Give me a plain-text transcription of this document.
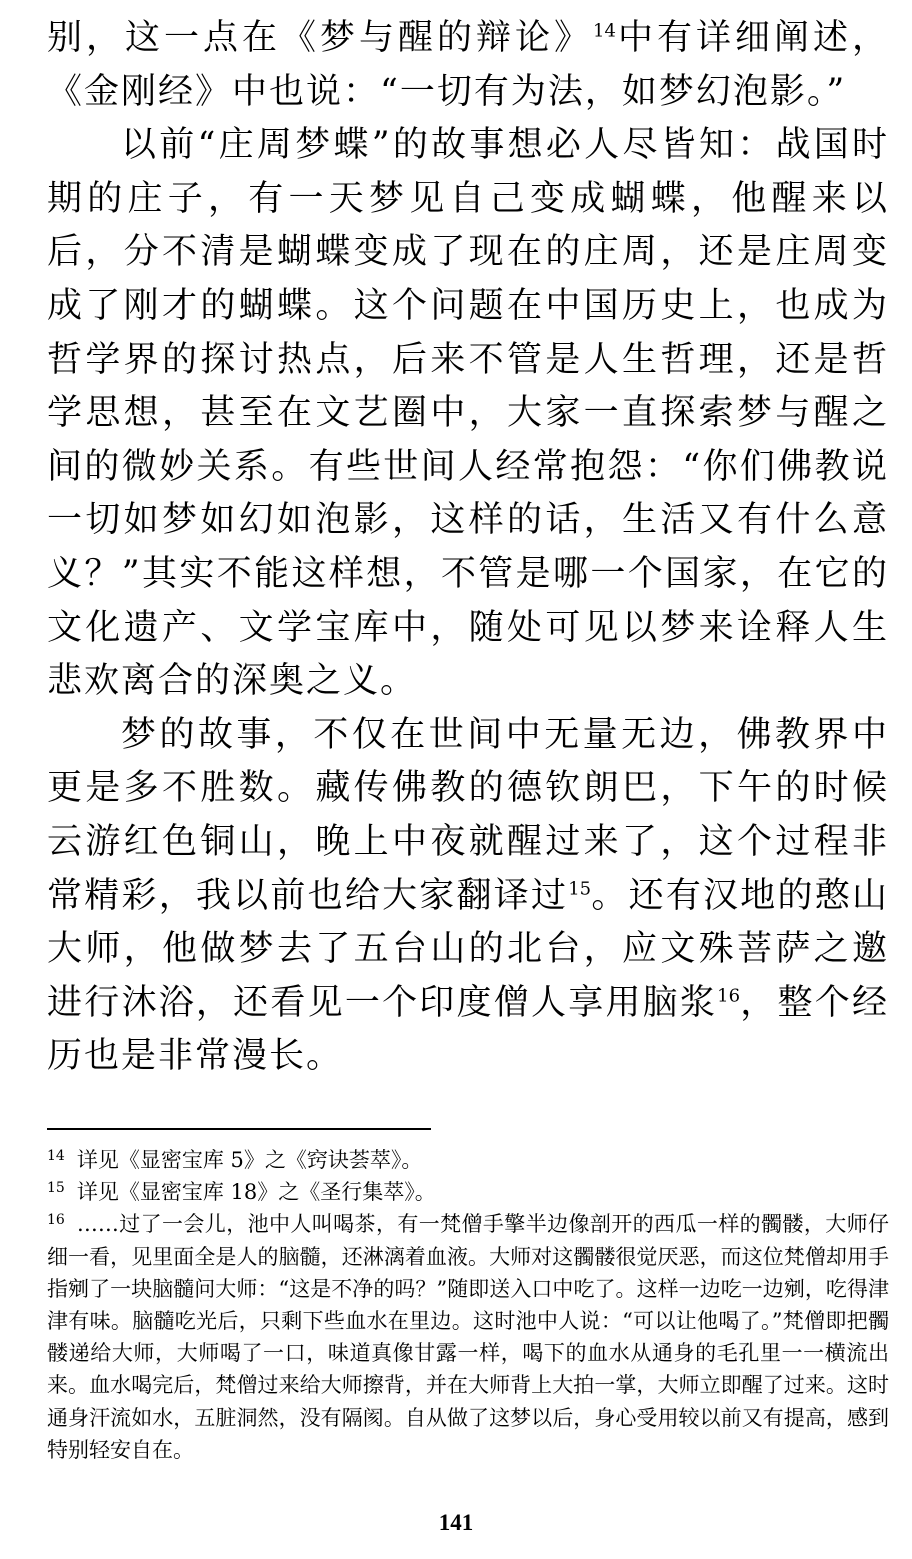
别，这一点在《梦与醒的辩论》$^{14}$中有详细阐述，《金刚经》中也说：“一切有为法，如梦幻泡影。”

以前“庄周梦蝶”的故事想必人尽皆知：战国时期的庄子，有一天梦见自己变成蝴蝶，他醒来以后，分不清是蝴蝶变成了现在的庄周，还是庄周变成了刚才的蝴蝶。这个问题在中国历史上，也成为哲学界的探讨热点，后来不管是人生哲理，还是哲学思想，甚至在文艺圈中，大家一直探索梦与醒之间的微妙关系。有些世间人经常抱怨：“你们佛教说一切如梦如幻如泡影，这样的话，生活又有什么意义？”其实不能这样想，不管是哪一个国家，在它的文化遗产、文学宝库中，随处可见以梦来诠释人生悲欢离合的深奥之义。

梦的故事，不仅在世间中无量无边，佛教界中更是多不胜数。藏传佛教的德钦朗巴，下午的时候云游红色铜山，晚上中夜就醒过来了，这个过程非常精彩，我以前也给大家翻译过$^{15}$。还有汉地的憨山大师，他做梦去了五台山的北台，应文殊菩萨之邀进行沐浴，还看见一个印度僧人享用脑浆$^{16}$，整个经历也是非常漫长。

$^{14}$ 详见《显密宝库 5》之《窍诀荟萃》。

$^{15}$ 详见《显密宝库 18》之《圣行集萃》。

$^{16}$ ……过了一会儿，池中人叫喝茶，有一梵僧手擎半边像剖开的西瓜一样的髑髅，大师仔细一看，见里面全是人的脑髓，还淋漓着血液。大师对这髑髅很觉厌恶，而这位梵僧却用手指剜了一块脑髓问大师：“这是不净的吗？”随即送入口中吃了。这样一边吃一边剜，吃得津津有味。脑髓吃光后，只剩下些血水在里边。这时池中人说：“可以让他喝了。”梵僧即把髑髅递给大师，大师喝了一口，味道真像甘露一样，喝下的血水从通身的毛孔里一一横流出来。血水喝完后，梵僧过来给大师擦背，并在大师背上大拍一掌，大师立即醒了过来。这时通身汗流如水，五脏洞然，没有隔阂。自从做了这梦以后，身心受用较以前又有提高，感到特别轻安自在。

141
